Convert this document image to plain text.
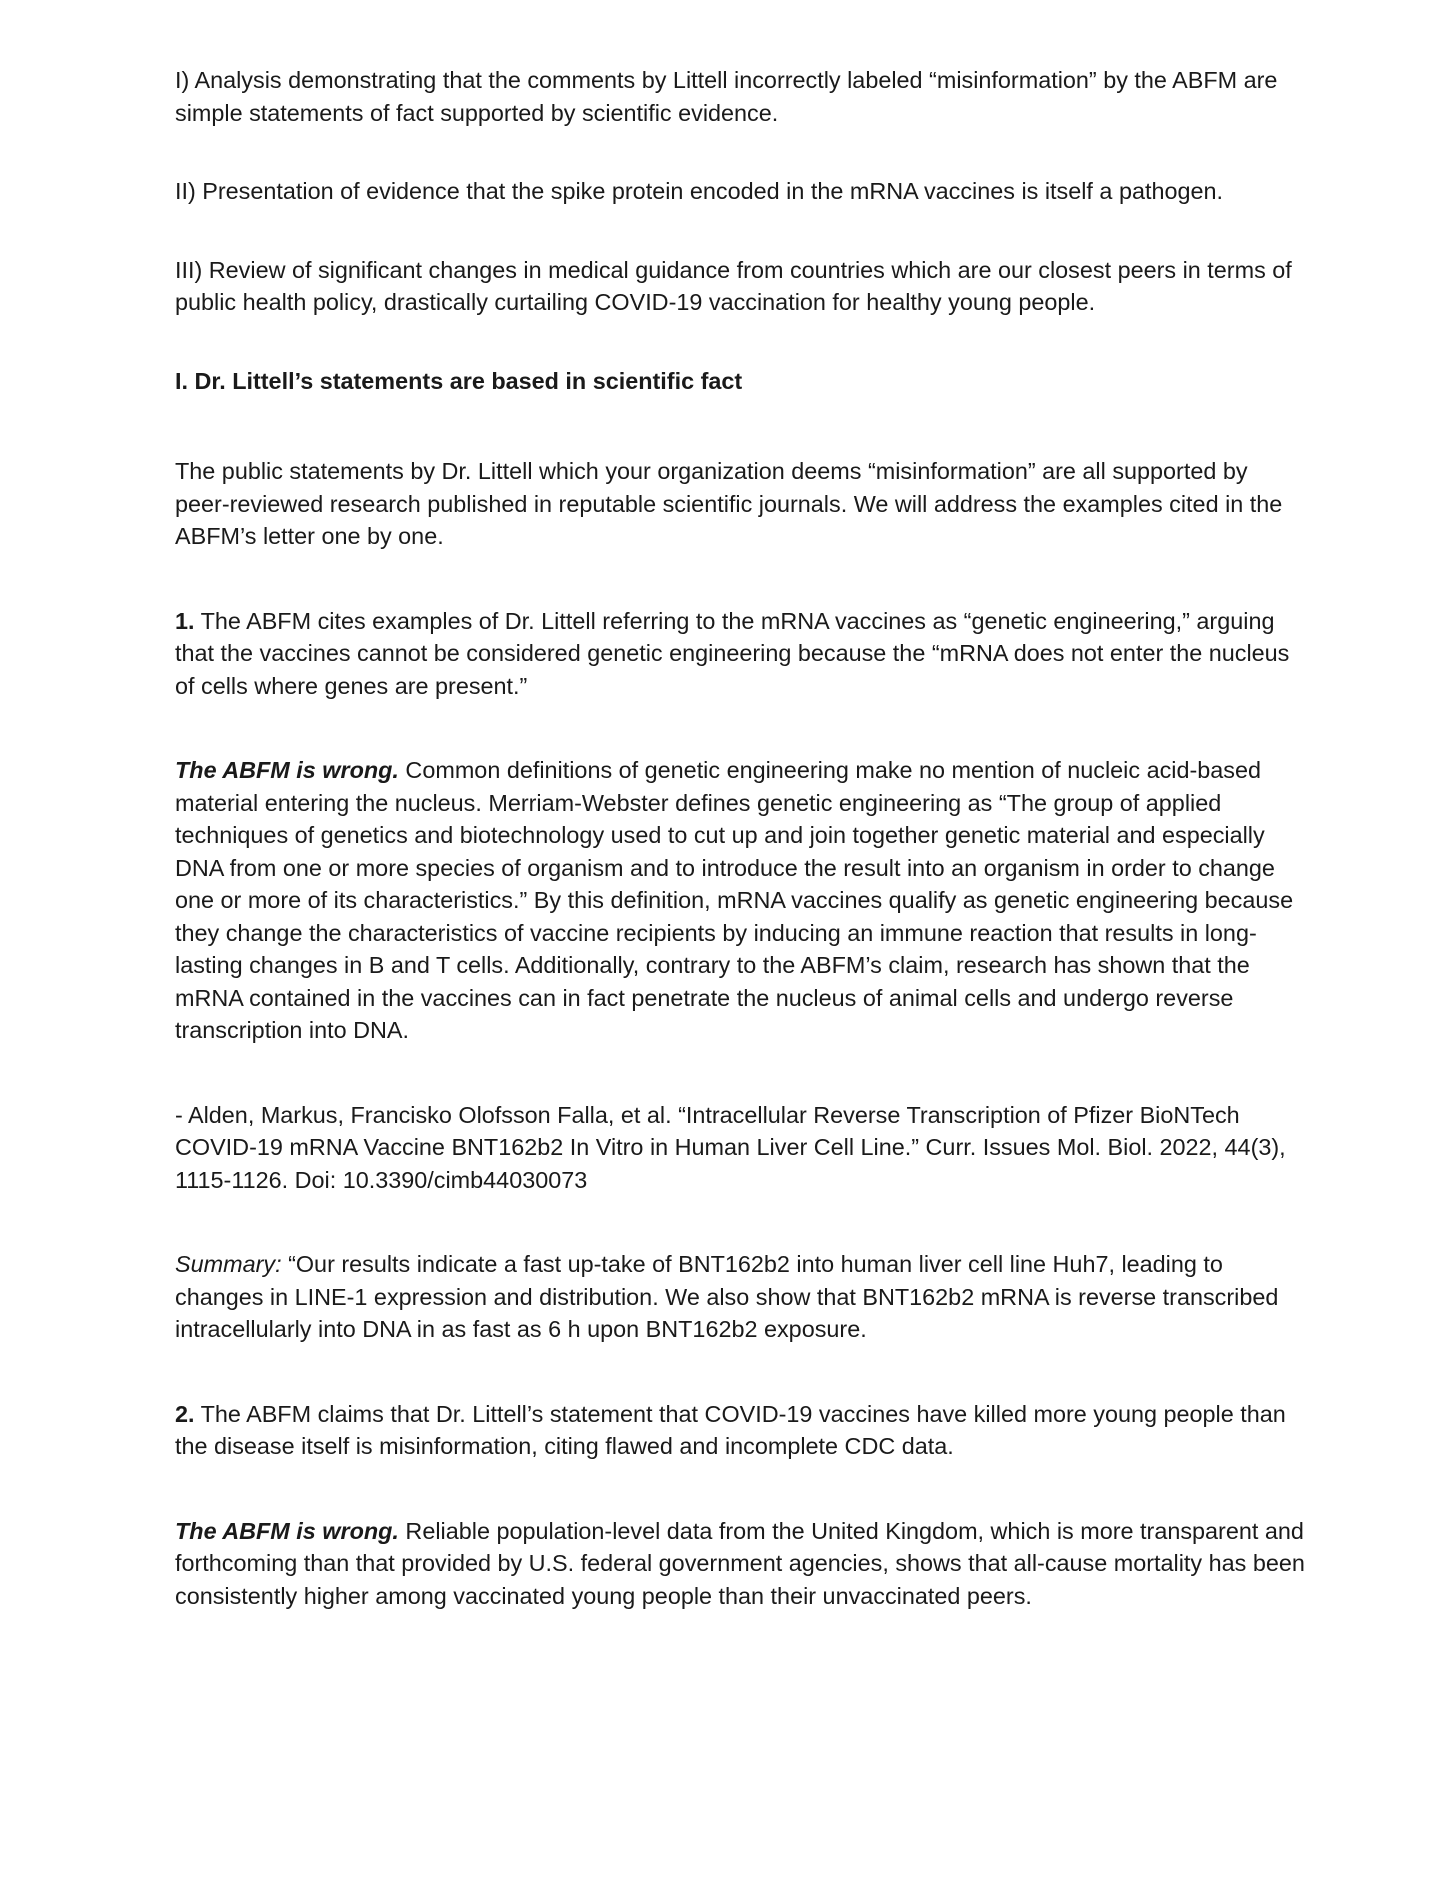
I) Analysis demonstrating that the comments by Littell incorrectly labeled “misinformation” by the ABFM are simple statements of fact supported by scientific evidence.

II) Presentation of evidence that the spike protein encoded in the mRNA vaccines is itself a pathogen.

III) Review of significant changes in medical guidance from countries which are our closest peers in terms of public health policy, drastically curtailing COVID-19 vaccination for healthy young people.

I. Dr. Littell’s statements are based in scientific fact

The public statements by Dr. Littell which your organization deems “misinformation” are all supported by peer-reviewed research published in reputable scientific journals. We will address the examples cited in the ABFM’s letter one by one.

1. The ABFM cites examples of Dr. Littell referring to the mRNA vaccines as “genetic engineering,” arguing that the vaccines cannot be considered genetic engineering because the “mRNA does not enter the nucleus of cells where genes are present.”

The ABFM is wrong. Common definitions of genetic engineering make no mention of nucleic acid-based material entering the nucleus. Merriam-Webster defines genetic engineering as “The group of applied techniques of genetics and biotechnology used to cut up and join together genetic material and especially DNA from one or more species of organism and to introduce the result into an organism in order to change one or more of its characteristics.” By this definition, mRNA vaccines qualify as genetic engineering because they change the characteristics of vaccine recipients by inducing an immune reaction that results in long-lasting changes in B and T cells. Additionally, contrary to the ABFM’s claim, research has shown that the mRNA contained in the vaccines can in fact penetrate the nucleus of animal cells and undergo reverse transcription into DNA.

- Alden, Markus, Francisko Olofsson Falla, et al. “Intracellular Reverse Transcription of Pfizer BioNTech COVID-19 mRNA Vaccine BNT162b2 In Vitro in Human Liver Cell Line.” Curr. Issues Mol. Biol. 2022, 44(3), 1115-1126. Doi: 10.3390/cimb44030073

Summary: “Our results indicate a fast up-take of BNT162b2 into human liver cell line Huh7, leading to changes in LINE-1 expression and distribution. We also show that BNT162b2 mRNA is reverse transcribed intracellularly into DNA in as fast as 6 h upon BNT162b2 exposure.

2. The ABFM claims that Dr. Littell’s statement that COVID-19 vaccines have killed more young people than the disease itself is misinformation, citing flawed and incomplete CDC data.

The ABFM is wrong. Reliable population-level data from the United Kingdom, which is more transparent and forthcoming than that provided by U.S. federal government agencies, shows that all-cause mortality has been consistently higher among vaccinated young people than their unvaccinated peers.
